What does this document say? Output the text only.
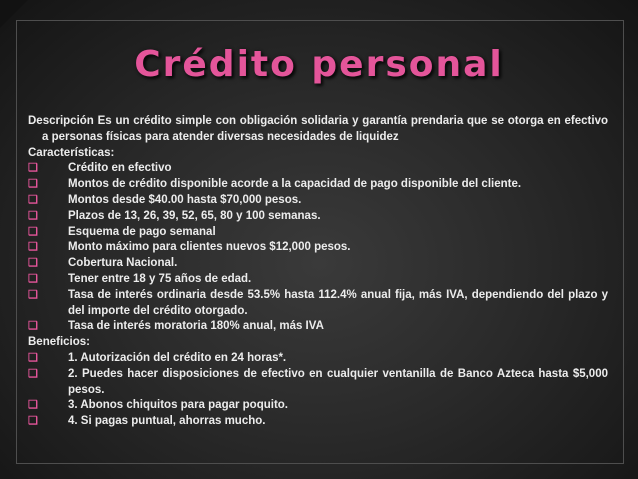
Crédito personal

Descripción Es un crédito simple con obligación solidaria y garantía prendaria que se otorga en efectivo a personas físicas para atender diversas necesidades de liquidez

Características:

❑	Crédito en efectivo
❑	Montos de crédito disponible acorde a la capacidad de pago disponible del cliente.
❑	Montos desde $40.00 hasta $70,000 pesos.
❑	Plazos de 13, 26, 39, 52, 65, 80 y 100 semanas.
❑	Esquema de pago semanal
❑	Monto máximo para clientes nuevos $12,000 pesos.
❑	Cobertura Nacional.
❑	Tener entre 18 y 75 años de edad.
❑	Tasa de interés ordinaria desde 53.5% hasta 112.4% anual fija, más IVA, dependiendo del plazo y del importe del crédito otorgado.
❑	Tasa de interés moratoria 180% anual, más IVA

Beneficios:

❑	1. Autorización del crédito en 24 horas*.
❑	2. Puedes hacer disposiciones de efectivo en cualquier ventanilla de Banco Azteca hasta $5,000 pesos.
❑	3. Abonos chiquitos para pagar poquito.
❑	4. Si pagas puntual, ahorras mucho.
